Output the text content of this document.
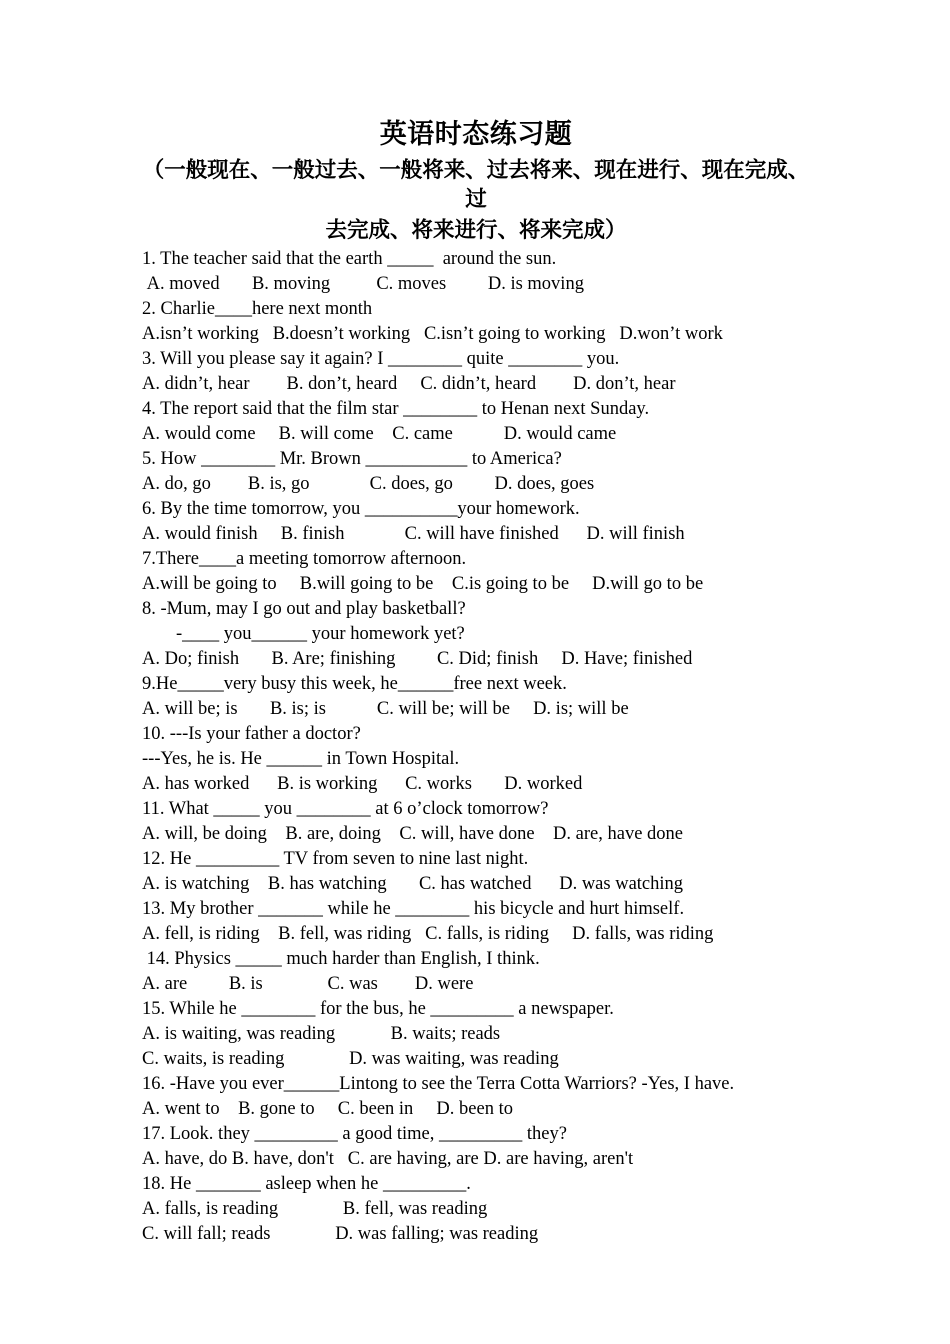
英语时态练习题
（一般现在、一般过去、一般将来、过去将来、现在进行、现在完成、过
去完成、将来进行、将来完成）
1. The teacher said that the earth _____  around the sun.
A. moved       B. moving          C. moves         D. is moving
2. Charlie____here next month
A.isn’t working   B.doesn’t working   C.isn’t going to working   D.won’t work
3. Will you please say it again? I ________ quite ________ you.
A. didn’t, hear        B. don’t, heard     C. didn’t, heard        D. don’t, hear
4. The report said that the film star ________ to Henan next Sunday.
A. would come     B. will come    C. came           D. would came
5. How ________ Mr. Brown ___________ to America?
A. do, go        B. is, go             C. does, go         D. does, goes
6. By the time tomorrow, you __________your homework.
A. would finish     B. finish             C. will have finished      D. will finish
7.There____a meeting tomorrow afternoon.
A.will be going to     B.will going to be    C.is going to be     D.will go to be
8. -Mum, may I go out and play basketball?
-____ you______ your homework yet?
A. Do; finish       B. Are; finishing         C. Did; finish     D. Have; finished
9.He_____very busy this week, he______free next week.
A. will be; is       B. is; is           C. will be; will be     D. is; will be
10. ---Is your father a doctor?
---Yes, he is. He ______ in Town Hospital.
A. has worked      B. is working      C. works       D. worked
11. What _____ you ________ at 6 o’clock tomorrow?
A. will, be doing    B. are, doing    C. will, have done    D. are, have done
12. He _________ TV from seven to nine last night.
A. is watching    B. has watching       C. has watched      D. was watching
13. My brother _______ while he ________ his bicycle and hurt himself.
A. fell, is riding    B. fell, was riding   C. falls, is riding     D. falls, was riding
14. Physics _____ much harder than English, I think.
A. are         B. is              C. was        D. were
15. While he ________ for the bus, he _________ a newspaper.
A. is waiting, was reading            B. waits; reads
C. waits, is reading              D. was waiting, was reading
16. -Have you ever______Lintong to see the Terra Cotta Warriors? -Yes, I have.
A. went to    B. gone to     C. been in     D. been to
17. Look. they _________ a good time, _________ they?
A. have, do B. have, don't   C. are having, are D. are having, aren't
18. He _______ asleep when he _________.
A. falls, is reading              B. fell, was reading
C. will fall; reads              D. was falling; was reading
